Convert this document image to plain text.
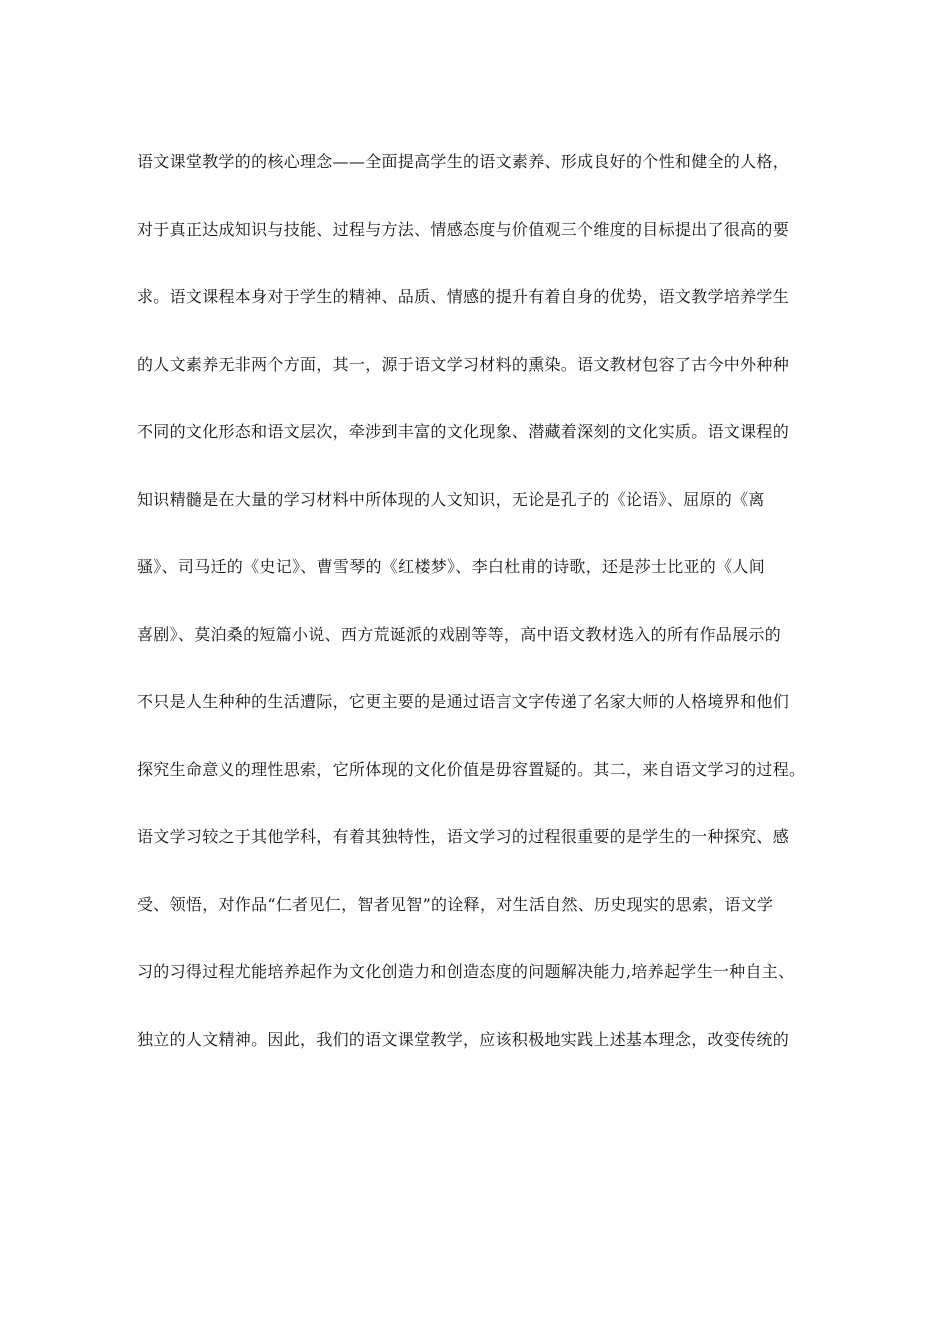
语文课堂教学的的核心理念——全面提高学生的语文素养、形成良好的个性和健全的人格，
对于真正达成知识与技能、过程与方法、情感态度与价值观三个维度的目标提出了很高的要
求。语文课程本身对于学生的精神、品质、情感的提升有着自身的优势，语文教学培养学生
的人文素养无非两个方面，其一，源于语文学习材料的熏染。语文教材包容了古今中外种种
不同的文化形态和语文层次，牵涉到丰富的文化现象、潜藏着深刻的文化实质。语文课程的
知识精髓是在大量的学习材料中所体现的人文知识，无论是孔子的《论语》、屈原的《离
骚》、司马迁的《史记》、曹雪琴的《红楼梦》、李白杜甫的诗歌，还是莎士比亚的《人间
喜剧》、莫泊桑的短篇小说、西方荒诞派的戏剧等等，高中语文教材选入的所有作品展示的
不只是人生种种的生活遭际，它更主要的是通过语言文字传递了名家大师的人格境界和他们
探究生命意义的理性思索，它所体现的文化价值是毋容置疑的。其二，来自语文学习的过程。
语文学习较之于其他学科，有着其独特性，语文学习的过程很重要的是学生的一种探究、感
受、领悟，对作品“仁者见仁，智者见智”的诠释，对生活自然、历史现实的思索，语文学
习的习得过程尤能培养起作为文化创造力和创造态度的问题解决能力,培养起学生一种自主、
独立的人文精神。因此，我们的语文课堂教学，应该积极地实践上述基本理念，改变传统的
